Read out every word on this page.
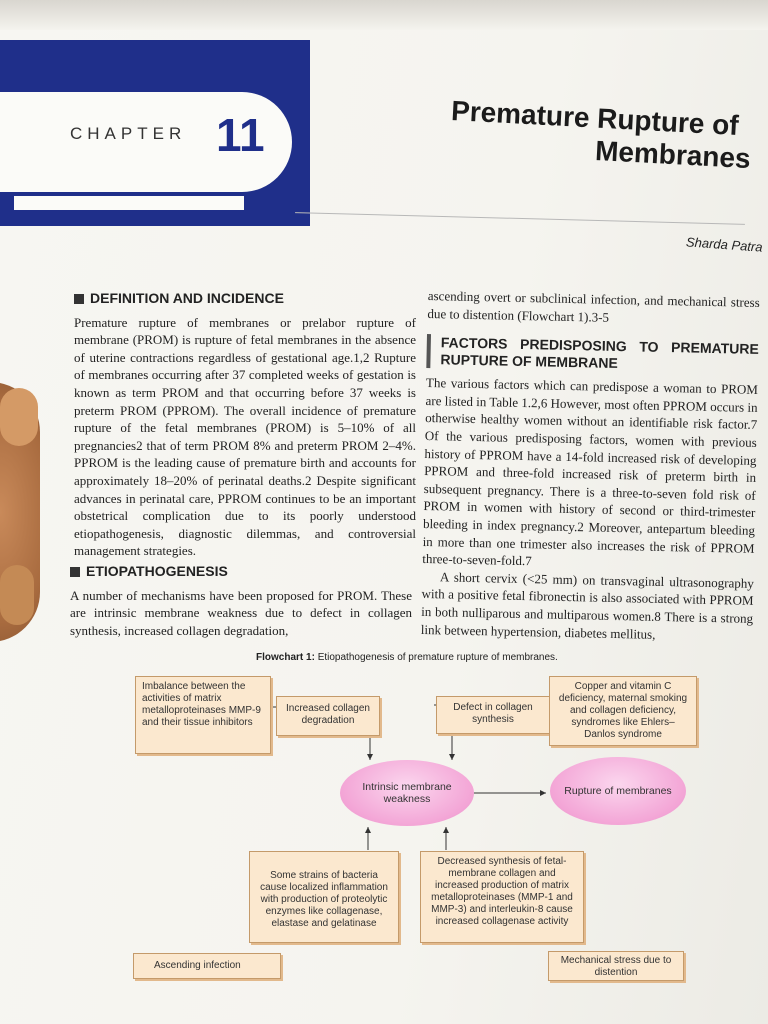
CHAPTER 11	Premature Rupture of
Membranes
Sharda Patra
DEFINITION AND INCIDENCE

Premature rupture of membranes or prelabor rupture of membrane (PROM) is rupture of fetal membranes in the absence of uterine contractions regardless of gestational age.1,2 Rupture of membranes occurring after 37 completed weeks of gestation is known as term PROM and that occurring before 37 weeks is preterm PROM (PPROM). The overall incidence of premature rupture of the fetal membranes (PROM) is 5–10% of all pregnancies2 that of term PROM 8% and preterm PROM 2–4%. PPROM is the leading cause of premature birth and accounts for approximately 18–20% of perinatal deaths.2 Despite significant advances in perinatal care, PPROM continues to be an important obstetrical complication due to its poorly understood etiopathogenesis, diagnostic dilemmas, and controversial management strategies.

ETIOPATHOGENESIS

A number of mechanisms have been proposed for PROM. These are intrinsic membrane weakness due to defect in collagen synthesis, increased collagen degradation,

ascending overt or subclinical infection, and mechanical stress due to distention (Flowchart 1).3-5

FACTORS PREDISPOSING TO PREMATURE RUPTURE OF MEMBRANE

The various factors which can predispose a woman to PROM are listed in Table 1.2,6 However, most often PPROM occurs in otherwise healthy women without an identifiable risk factor.7 Of the various predisposing factors, women with previous history of PPROM have a 14-fold increased risk of developing PPROM and three-fold increased risk of preterm birth in subsequent pregnancy. There is a three-to-seven fold risk of PROM in women with history of second or third-trimester bleeding in index pregnancy.2 Moreover, antepartum bleeding in more than one trimester also increases the risk of PPROM three-to-seven-fold.7

A short cervix (<25 mm) on transvaginal ultrasonography with a positive fetal fibronectin is also associated with PPROM in both nulliparous and multiparous women.8 There is a strong link between hypertension, diabetes mellitus,

Flowchart 1: Etiopathogenesis of premature rupture of membranes.
Imbalance between the activities of matrix metalloproteinases MMP-9 and their tissue inhibitors
Increased collagen degradation
Defect in collagen synthesis
Copper and vitamin C deficiency, maternal smoking and collagen deficiency, syndromes like Ehlers–Danlos syndrome
Intrinsic membrane weakness
Rupture of membranes
Some strains of bacteria cause localized inflammation with production of proteolytic enzymes like collagenase, elastase and gelatinase
Decreased synthesis of fetal-membrane collagen and increased production of matrix metalloproteinases (MMP-1 and MMP-3) and interleukin-8 cause increased collagenase activity
Ascending infection	Mechanical stress due to distention
